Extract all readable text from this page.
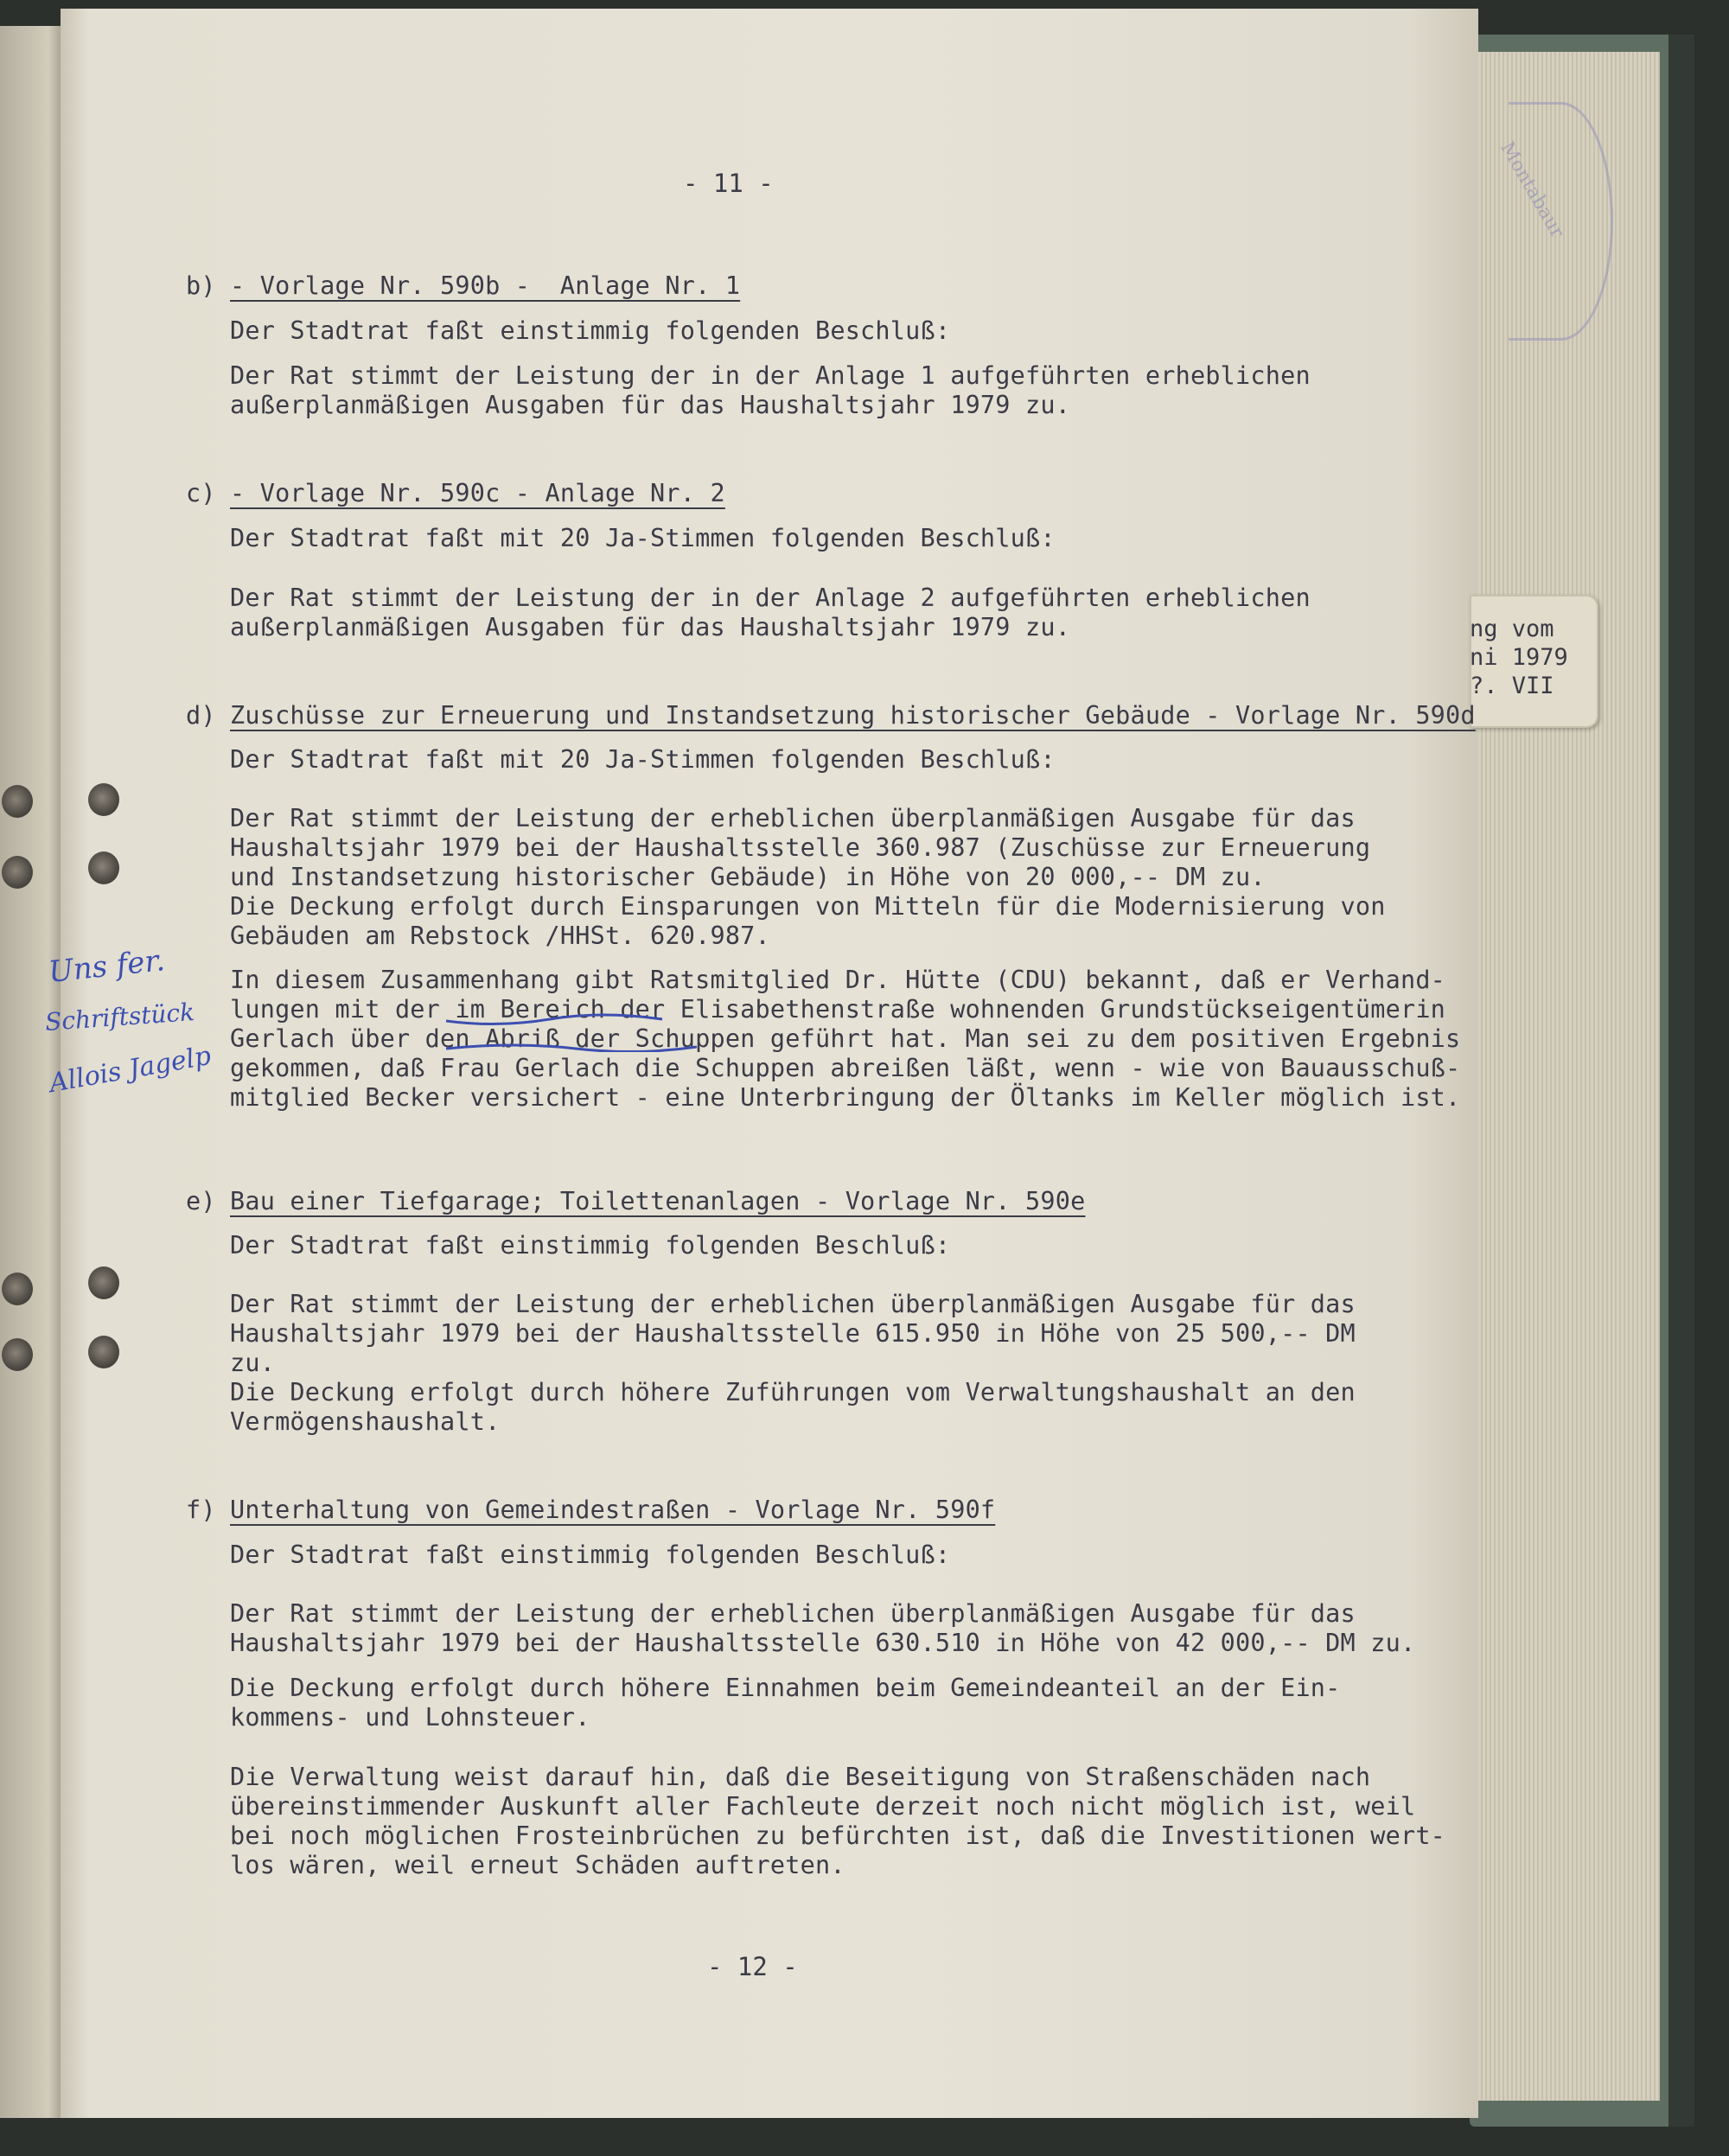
Montabaur
ng vom
ni 1979
?. VII
- 11 -
b) - Vorlage Nr. 590b -  Anlage Nr. 1
Der Stadtrat faßt einstimmig folgenden Beschluß:
Der Rat stimmt der Leistung der in der Anlage 1 aufgeführten erheblichen
außerplanmäßigen Ausgaben für das Haushaltsjahr 1979 zu.
c) - Vorlage Nr. 590c - Anlage Nr. 2
Der Stadtrat faßt mit 20 Ja-Stimmen folgenden Beschluß:
Der Rat stimmt der Leistung der in der Anlage 2 aufgeführten erheblichen
außerplanmäßigen Ausgaben für das Haushaltsjahr 1979 zu.
d) Zuschüsse zur Erneuerung und Instandsetzung historischer Gebäude - Vorlage Nr. 590d
Der Stadtrat faßt mit 20 Ja-Stimmen folgenden Beschluß:
Der Rat stimmt der Leistung der erheblichen überplanmäßigen Ausgabe für das
Haushaltsjahr 1979 bei der Haushaltsstelle 360.987 (Zuschüsse zur Erneuerung
und Instandsetzung historischer Gebäude) in Höhe von 20 000,-- DM zu.
Die Deckung erfolgt durch Einsparungen von Mitteln für die Modernisierung von
Gebäuden am Rebstock /HHSt. 620.987.
In diesem Zusammenhang gibt Ratsmitglied Dr. Hütte (CDU) bekannt, daß er Verhand-
lungen mit der im Bereich der Elisabethenstraße wohnenden Grundstückseigentümerin
Gerlach über den Abriß der Schuppen geführt hat. Man sei zu dem positiven Ergebnis
gekommen, daß Frau Gerlach die Schuppen abreißen läßt, wenn - wie von Bauausschuß-
mitglied Becker versichert - eine Unterbringung der Öltanks im Keller möglich ist.
Uns fer.
Schriftstück
Allois Jagelp
e) Bau einer Tiefgarage; Toilettenanlagen - Vorlage Nr. 590e
Der Stadtrat faßt einstimmig folgenden Beschluß:
Der Rat stimmt der Leistung der erheblichen überplanmäßigen Ausgabe für das
Haushaltsjahr 1979 bei der Haushaltsstelle 615.950 in Höhe von 25 500,-- DM
zu.
Die Deckung erfolgt durch höhere Zuführungen vom Verwaltungshaushalt an den
Vermögenshaushalt.
f) Unterhaltung von Gemeindestraßen - Vorlage Nr. 590f
Der Stadtrat faßt einstimmig folgenden Beschluß:
Der Rat stimmt der Leistung der erheblichen überplanmäßigen Ausgabe für das
Haushaltsjahr 1979 bei der Haushaltsstelle 630.510 in Höhe von 42 000,-- DM zu.
Die Deckung erfolgt durch höhere Einnahmen beim Gemeindeanteil an der Ein-
kommens- und Lohnsteuer.
Die Verwaltung weist darauf hin, daß die Beseitigung von Straßenschäden nach
übereinstimmender Auskunft aller Fachleute derzeit noch nicht möglich ist, weil
bei noch möglichen Frosteinbrüchen zu befürchten ist, daß die Investitionen wert-
los wären, weil erneut Schäden auftreten.
- 12 -
